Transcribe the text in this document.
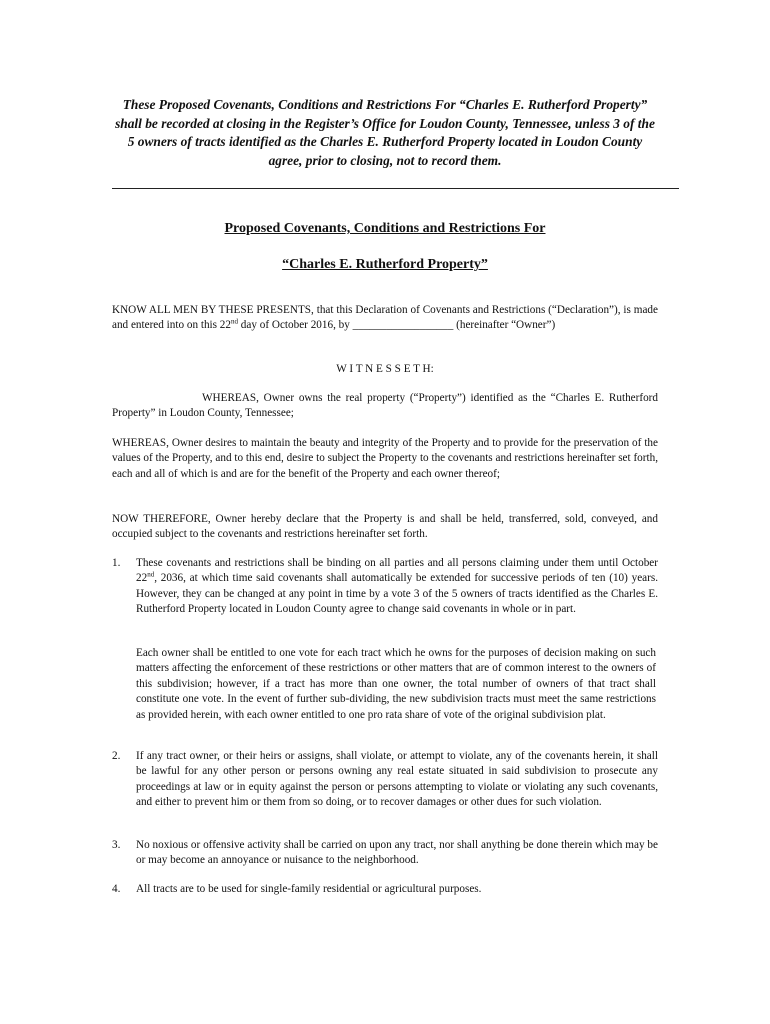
These Proposed Covenants, Conditions and Restrictions For “Charles E. Rutherford Property” shall be recorded at closing in the Register’s Office for Loudon County, Tennessee, unless 3 of the 5 owners of tracts identified as the Charles E. Rutherford Property located in Loudon County agree, prior to closing, not to record them.
Proposed Covenants, Conditions and Restrictions For
“Charles E. Rutherford Property”
KNOW ALL MEN BY THESE PRESENTS, that this Declaration of Covenants and Restrictions (“Declaration”), is made and entered into on this 22nd day of October 2016, by __________________ (hereinafter “Owner”)
W I T N E S S E T H:
WHEREAS, Owner owns the real property (“Property”) identified as the “Charles E. Rutherford Property” in Loudon County, Tennessee;
WHEREAS, Owner desires to maintain the beauty and integrity of the Property and to provide for the preservation of the values of the Property, and to this end, desire to subject the Property to the covenants and restrictions hereinafter set forth, each and all of which is and are for the benefit of the Property and each owner thereof;
NOW THEREFORE, Owner hereby declare that the Property is and shall be held, transferred, sold, conveyed, and occupied subject to the covenants and restrictions hereinafter set forth.
1.	These covenants and restrictions shall be binding on all parties and all persons claiming under them until October 22nd, 2036, at which time said covenants shall automatically be extended for successive periods of ten (10) years. However, they can be changed at any point in time by a vote 3 of the 5 owners of tracts identified as the Charles E. Rutherford Property located in Loudon County agree to change said covenants in whole or in part.
Each owner shall be entitled to one vote for each tract which he owns for the purposes of decision making on such matters affecting the enforcement of these restrictions or other matters that are of common interest to the owners of this subdivision; however, if a tract has more than one owner, the total number of owners of that tract shall constitute one vote. In the event of further sub-dividing, the new subdivision tracts must meet the same restrictions as provided herein, with each owner entitled to one pro rata share of vote of the original subdivision plat.
2.	If any tract owner, or their heirs or assigns, shall violate, or attempt to violate, any of the covenants herein, it shall be lawful for any other person or persons owning any real estate situated in said subdivision to prosecute any proceedings at law or in equity against the person or persons attempting to violate or violating any such covenants, and either to prevent him or them from so doing, or to recover damages or other dues for such violation.
3.	No noxious or offensive activity shall be carried on upon any tract, nor shall anything be done therein which may be or may become an annoyance or nuisance to the neighborhood.
4.	All tracts are to be used for single-family residential or agricultural purposes.
